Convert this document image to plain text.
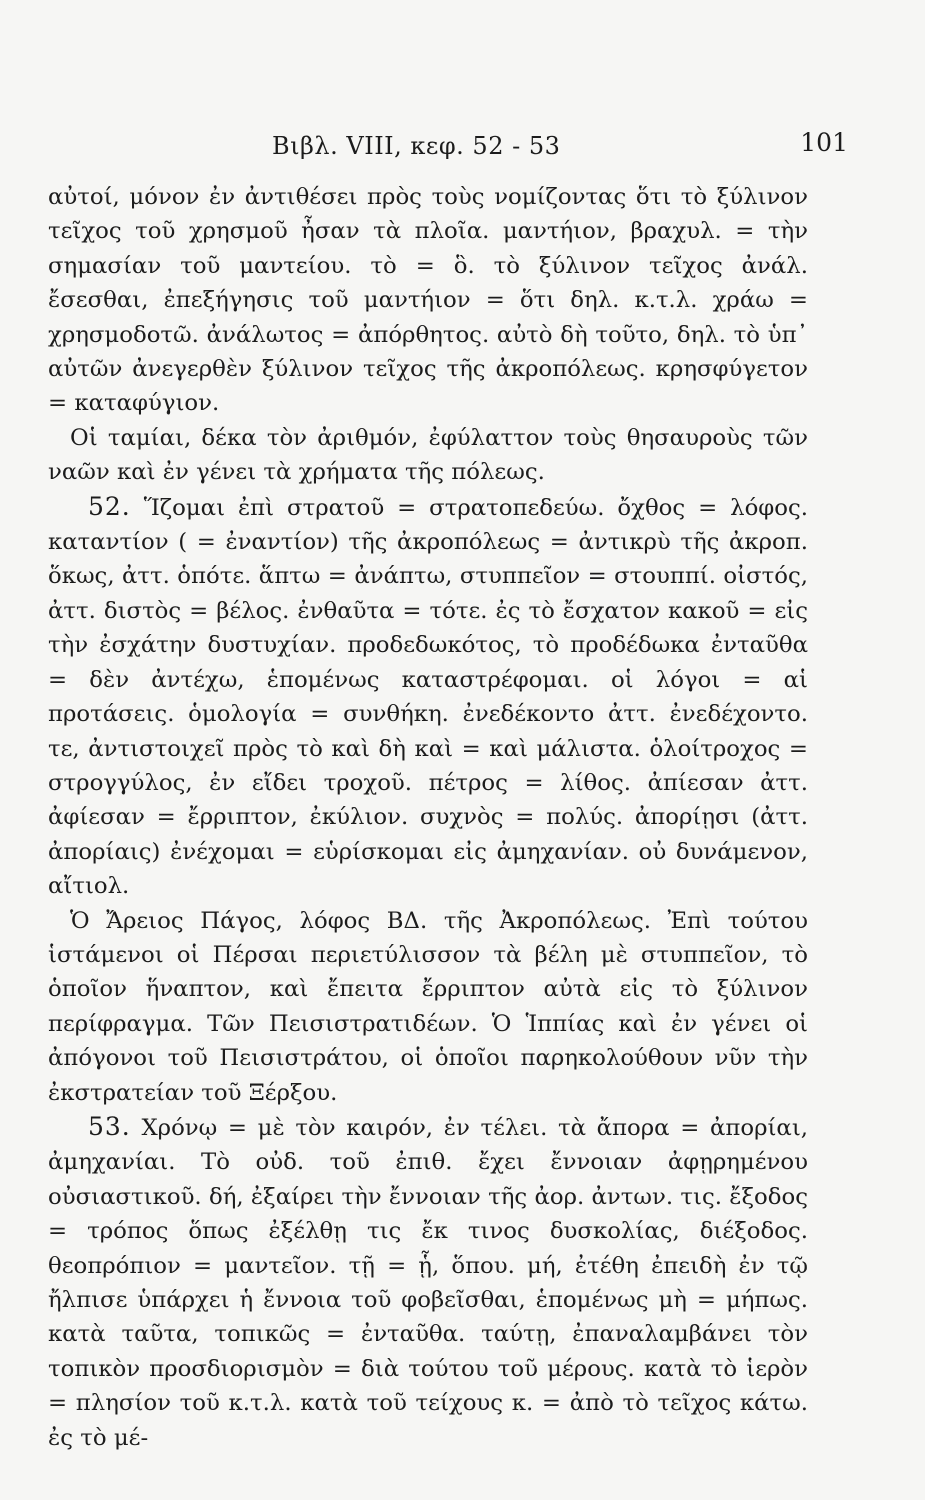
Βιβλ. VIII, κεφ. 52 - 53	101

αὐτοί, μόνον ἐν ἀντιθέσει πρὸς τοὺς νομίζοντας ὅτι τὸ ξύλινον τεῖχος τοῦ χρησμοῦ ἦσαν τὰ πλοῖα. μαντήιον, βραχυλ. = τὴν σημασίαν τοῦ μαντείου. τὸ = ὃ. τὸ ξύλινον τεῖχος ἀνάλ. ἔσεσθαι, ἐπεξήγησις τοῦ μαντήιον = ὅτι δηλ. κ.τ.λ. χράω = χρησμοδοτῶ. ἀνάλωτος = ἀπόρθητος. αὐτὸ δὴ τοῦτο, δηλ. τὸ ὑπ᾽ αὐτῶν ἀνεγερθὲν ξύλινον τεῖχος τῆς ἀκροπόλεως. κρησφύγετον = καταφύγιον.

Οἱ ταμίαι, δέκα τὸν ἀριθμόν, ἐφύλαττον τοὺς θησαυροὺς τῶν ναῶν καὶ ἐν γένει τὰ χρήματα τῆς πόλεως.

52. Ἵζομαι ἐπὶ στρατοῦ = στρατοπεδεύω. ὄχθος = λόφος. καταντίον ( = ἐναντίον) τῆς ἀκροπόλεως = ἀντικρὺ τῆς ἀκροπ. ὅκως, ἀττ. ὁπότε. ἅπτω = ἀνάπτω, στυππεῖον = στουππί. οἰστός, ἀττ. διστὸς = βέλος. ἐνθαῦτα = τότε. ἐς τὸ ἔσχατον κακοῦ = εἰς τὴν ἐσχάτην δυστυχίαν. προδεδωκότος, τὸ προδέδωκα ἐνταῦθα = δὲν ἀντέχω, ἑπομένως καταστρέφομαι. οἱ λόγοι = αἱ προτάσεις. ὁμολογία = συνθήκη. ἐνεδέκοντο ἀττ. ἐνεδέχοντο. τε, ἀντιστοιχεῖ πρὸς τὸ καὶ δὴ καὶ = καὶ μάλιστα. ὁλοίτροχος = στρογγύλος, ἐν εἴδει τροχοῦ. πέτρος = λίθος. ἀπίεσαν ἀττ. ἀφίεσαν = ἔρριπτον, ἐκύλιον. συχνὸς = πολύς. ἀπορίῃσι (ἀττ. ἀπορίαις) ἐνέχομαι = εὑρίσκομαι εἰς ἀμηχανίαν. οὐ δυνάμενον, αἴτιολ.

Ὁ Ἄρειος Πάγος, λόφος ΒΔ. τῆς Ἀκροπόλεως. Ἐπὶ τούτου ἱστάμενοι οἱ Πέρσαι περιετύλισσον τὰ βέλη μὲ στυππεῖον, τὸ ὁποῖον ἥναπτον, καὶ ἔπειτα ἔρριπτον αὐτὰ εἰς τὸ ξύλινον περίφραγμα. Τῶν Πεισιστρατιδέων. Ὁ Ἱππίας καὶ ἐν γένει οἱ ἀπόγονοι τοῦ Πεισιστράτου, οἱ ὁποῖοι παρηκολούθουν νῦν τὴν ἐκστρατείαν τοῦ Ξέρξου.

53. Χρόνῳ = μὲ τὸν καιρόν, ἐν τέλει. τὰ ἄπορα = ἀπορίαι, ἀμηχανίαι. Τὸ οὐδ. τοῦ ἐπιθ. ἔχει ἔννοιαν ἀφῃρημένου οὐσιαστικοῦ. δή, ἐξαίρει τὴν ἔννοιαν τῆς ἀορ. ἀντων. τις. ἔξοδος = τρόπος ὅπως ἐξέλθῃ τις ἔκ τινος δυσκολίας, διέξοδος. θεοπρόπιον = μαντεῖον. τῇ = ᾗ, ὅπου. μή, ἐτέθη ἐπειδὴ ἐν τῷ ἤλπισε ὑπάρχει ἡ ἔννοια τοῦ φοβεῖσθαι, ἑπομένως μὴ = μήπως. κατὰ ταῦτα, τοπικῶς = ἐνταῦθα. ταύτῃ, ἐπαναλαμβάνει τὸν τοπικὸν προσδιορισμὸν = διὰ τούτου τοῦ μέρους. κατὰ τὸ ἱερὸν = πλησίον τοῦ κ.τ.λ. κατὰ τοῦ τείχους κ. = ἀπὸ τὸ τεῖχος κάτω. ἐς τὸ μέ-
